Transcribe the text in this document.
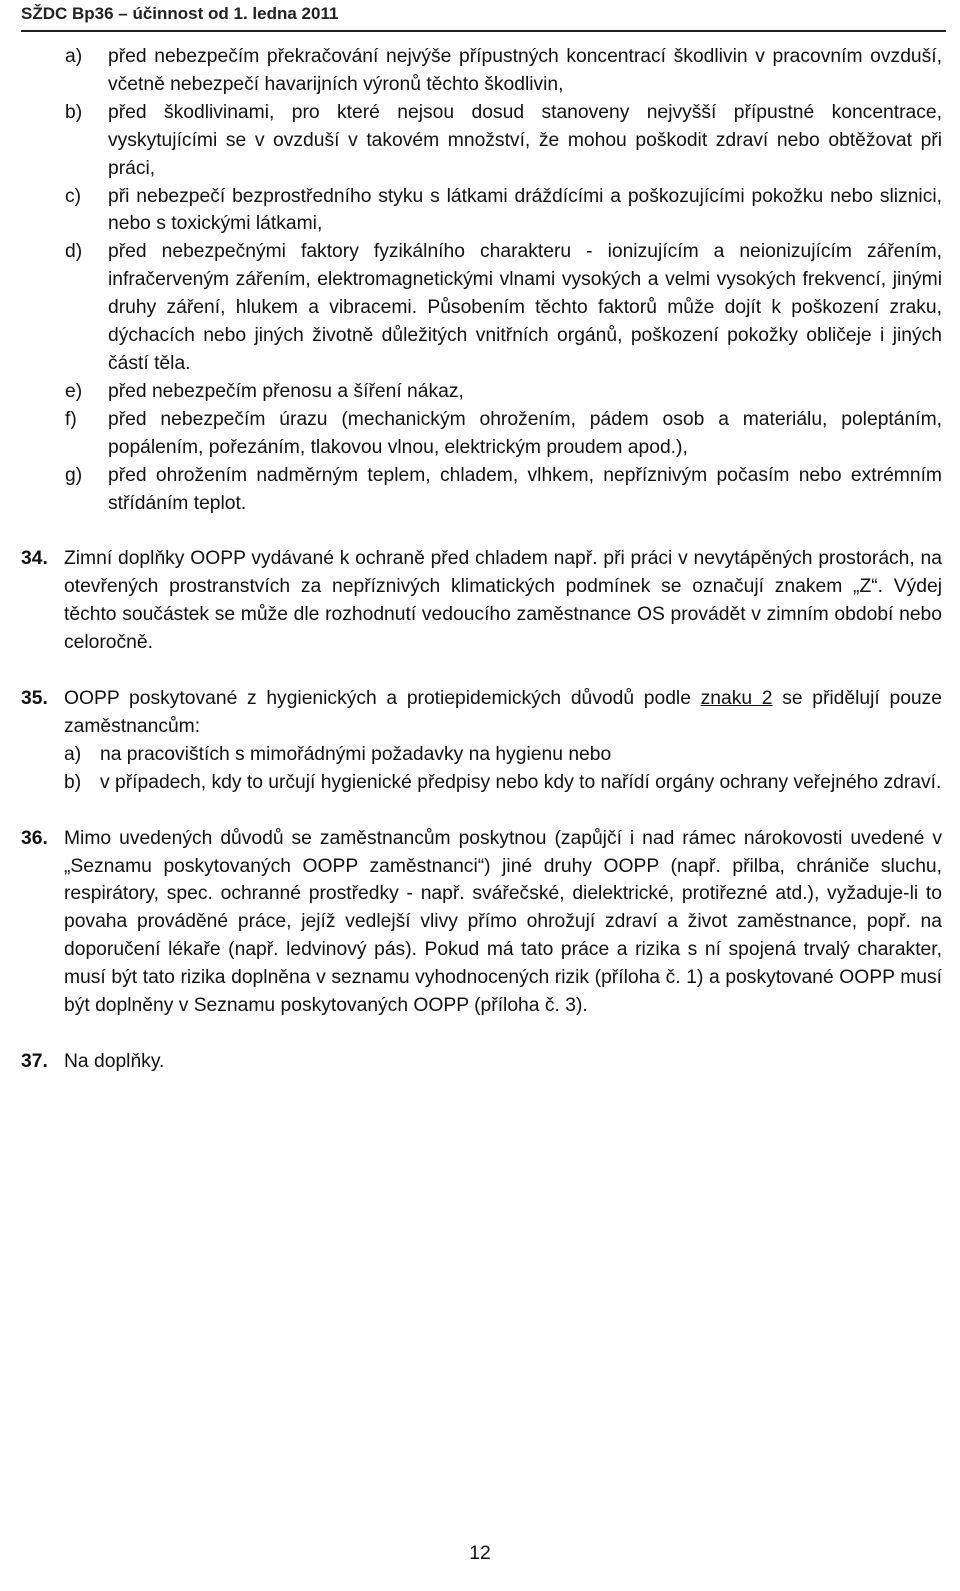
SŽDC Bp36 – účinnost od 1. ledna 2011
a) před nebezpečím překračování nejvýše přípustných koncentrací škodlivin v pracovním ovzduší, včetně nebezpečí havarijních výronů těchto škodlivin,
b) před škodlivinami, pro které nejsou dosud stanoveny nejvyšší přípustné koncentrace, vyskytujícími se v ovzduší v takovém množství, že mohou poškodit zdraví nebo obtěžovat při práci,
c) při nebezpečí bezprostředního styku s látkami dráždícími a poškozujícími pokožku nebo sliznici, nebo s toxickými látkami,
d) před nebezpečnými faktory fyzikálního charakteru - ionizujícím a neionizujícím zářením, infračerveným zářením, elektromagnetickými vlnami vysokých a velmi vysokých frekvencí, jinými druhy záření, hlukem a vibracemi. Působením těchto faktorů může dojít k poškození zraku, dýchacích nebo jiných životně důležitých vnitřních orgánů, poškození pokožky obličeje i jiných částí těla.
e) před nebezpečím přenosu a šíření nákaz,
f) před nebezpečím úrazu (mechanickým ohrožením, pádem osob a materiálu, poleptáním, popálením, pořezáním, tlakovou vlnou, elektrickým proudem apod.),
g) před ohrožením nadměrným teplem, chladem, vlhkem, nepříznivým počasím nebo extrémním střídáním teplot.
34. Zimní doplňky OOPP vydávané k ochraně před chladem např. při práci v nevytápěných prostorách, na otevřených prostranstvích za nepříznivých klimatických podmínek se označují znakem „Z“. Výdej těchto součástek se může dle rozhodnutí vedoucího zaměstnance OS provádět v zimním období nebo celoročně.
35. OOPP poskytované z hygienických a protiepidemických důvodů podle znaku 2 se přidělují pouze zaměstnancům:
a) na pracovištích s mimořádnými požadavky na hygienu nebo
b) v případech, kdy to určují hygienické předpisy nebo kdy to nařídí orgány ochrany veřejného zdraví.
36. Mimo uvedených důvodů se zaměstnancům poskytnou (zapůjčí i nad rámec nárokovosti uvedené v „Seznamu poskytovaných OOPP zaměstnanci“) jiné druhy OOPP (např. přilba, chrániče sluchu, respirátory, spec. ochranné prostředky - např. svářečské, dielektrické, protiřezné atd.), vyžaduje-li to povaha prováděné práce, jejíž vedlejší vlivy přímo ohrožují zdraví a život zaměstnance, popř. na doporučení lékaře (např. ledvinový pás). Pokud má tato práce a rizika s ní spojená trvalý charakter, musí být tato rizika doplněna v seznamu vyhodnocených rizik (příloha č. 1) a poskytované OOPP musí být doplněny v Seznamu poskytovaných OOPP (příloha č. 3).
37. Na doplňky.
12
